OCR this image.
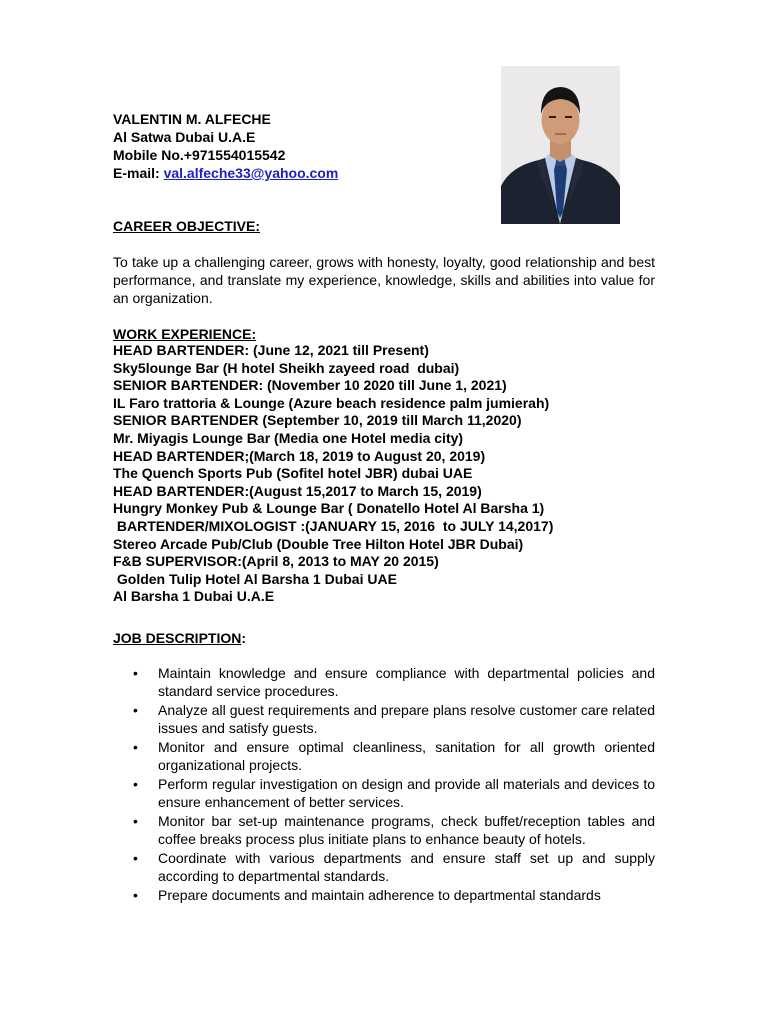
VALENTIN M. ALFECHE
Al Satwa Dubai U.A.E
Mobile No.+971554015542
E-mail: val.alfeche33@yahoo.com
CAREER OBJECTIVE:
To take up a challenging career, grows with honesty, loyalty, good relationship and best performance, and translate my experience, knowledge, skills and abilities into value for an organization.
WORK EXPERIENCE:
HEAD BARTENDER: (June 12, 2021 till Present)
Sky5lounge Bar (H hotel Sheikh zayeed road  dubai)
SENIOR BARTENDER: (November 10 2020 till June 1, 2021)
IL Faro trattoria & Lounge (Azure beach residence palm jumierah)
SENIOR BARTENDER (September 10, 2019 till March 11,2020)
Mr. Miyagis Lounge Bar (Media one Hotel media city)
HEAD BARTENDER;(March 18, 2019 to August 20, 2019)
The Quench Sports Pub (Sofitel hotel JBR) dubai UAE
HEAD BARTENDER:(August 15,2017 to March 15, 2019)
Hungry Monkey Pub & Lounge Bar ( Donatello Hotel Al Barsha 1)
BARTENDER/MIXOLOGIST :(JANUARY 15, 2016  to JULY 14,2017)
Stereo Arcade Pub/Club (Double Tree Hilton Hotel JBR Dubai)
F&B SUPERVISOR:(April 8, 2013 to MAY 20 2015)
Golden Tulip Hotel Al Barsha 1 Dubai UAE
Al Barsha 1 Dubai U.A.E
JOB DESCRIPTION:
• Maintain knowledge and ensure compliance with departmental policies and standard service procedures.
• Analyze all guest requirements and prepare plans resolve customer care related issues and satisfy guests.
• Monitor and ensure optimal cleanliness, sanitation for all growth oriented organizational projects.
• Perform regular investigation on design and provide all materials and devices to ensure enhancement of better services.
• Monitor bar set-up maintenance programs, check buffet/reception tables and coffee breaks process plus initiate plans to enhance beauty of hotels.
• Coordinate with various departments and ensure staff set up and supply according to departmental standards.
• Prepare documents and maintain adherence to departmental standards
